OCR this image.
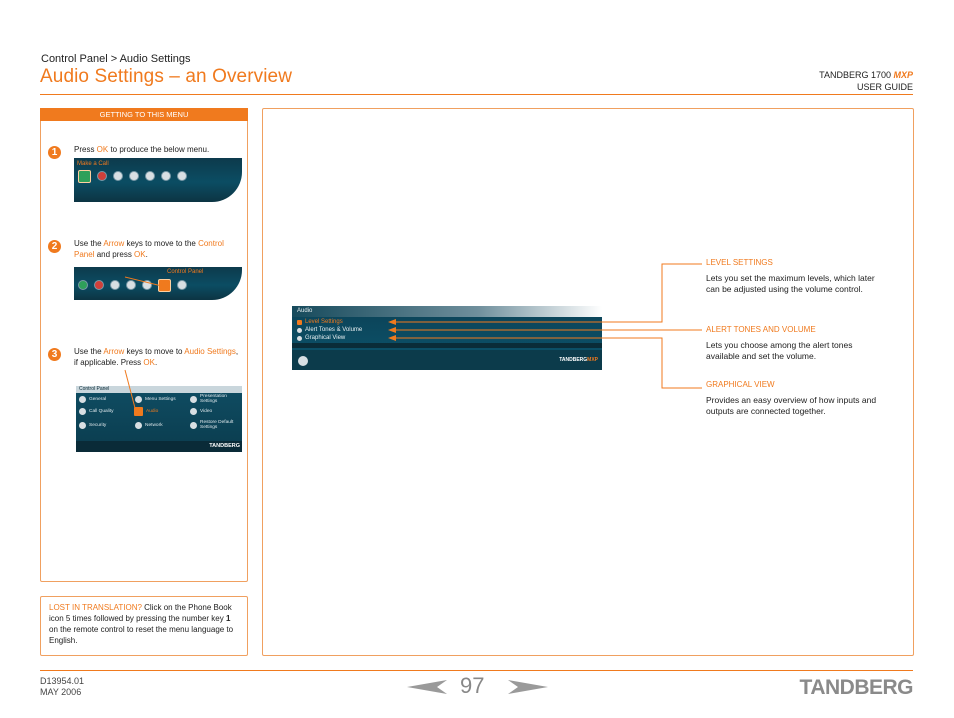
Control Panel > Audio Settings
Audio Settings – an Overview	TANDBERG 1700 MXP
USER GUIDE
GETTING TO THIS MENU
1	Press OK to produce the below menu.
Make a Call
2	Use the Arrow keys to move to the Control Panel and press OK.
Control Panel
3	Use the Arrow keys to move to Audio Settings, if applicable. Press OK.
Control Panel
General	Menu Settings
Presentation Settings
Call Quality	Audio	Video
Security	Network
Restore Default Settings
TANDBERG
LOST IN TRANSLATION? Click on the Phone Book icon 5 times followed by pressing the number key 1 on the remote control to reset the menu language to English.
Audio
Level Settings
Alert Tones & Volume
Graphical View
TANDBERGMXP
LEVEL SETTINGS
Lets you set the maximum levels, which later can be adjusted using the volume control.
ALERT TONES AND VOLUME
Lets you choose among the alert tones available and set the volume.
GRAPHICAL VIEW
Provides an easy overview of how inputs and outputs are connected together.
D13954.01
MAY 2006	97	TANDBERG
